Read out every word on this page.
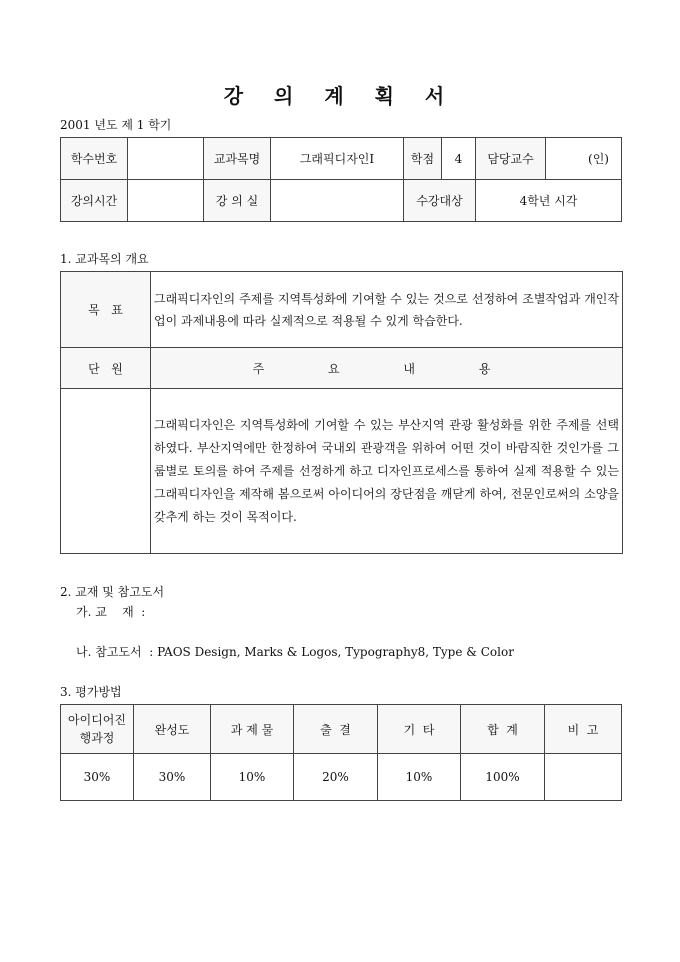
강 의 계 획 서
2001 년도 제 1 학기
학수번호		교과목명	그래픽디자인Ⅰ	학점	4	담당교수	(인)
강의시간		강 의 실		수강대상		4학년 시각	
1. 교과목의 개요
목   표	그래픽디자인의 주제를 지역특성화에 기여할 수 있는 것으로 선정하여 조별작업과 개인작업이 과제내용에 따라 실제적으로 적용될 수 있게 학습한다.
단   원	주 요 내 용
	그래픽디자인은 지역특성화에 기여할 수 있는 부산지역 관광 활성화를 위한 주제를 선택하였다. 부산지역에만 한정하여 국내외 관광객을 위하여 어떤 것이 바람직한 것인가를 그룹별로 토의를 하여 주제를 선정하게 하고 디자인프로세스를 통하여 실제 적용할 수 있는 그래픽디자인을 제작해 봄으로써 아이디어의 장단점을 깨닫게 하여, 전문인로써의 소양을 갖추게 하는 것이 목적이다.
2. 교재 및 참고도서
가. 교    재  :
나. 참고도서  : PAOS Design, Marks & Logos, Typography8, Type & Color
3. 평가방법
아이디어진행과정	완성도	과 제 물	출  결	기  타	합  계	비  고
30%	30%	10%	20%	10%	100%	
